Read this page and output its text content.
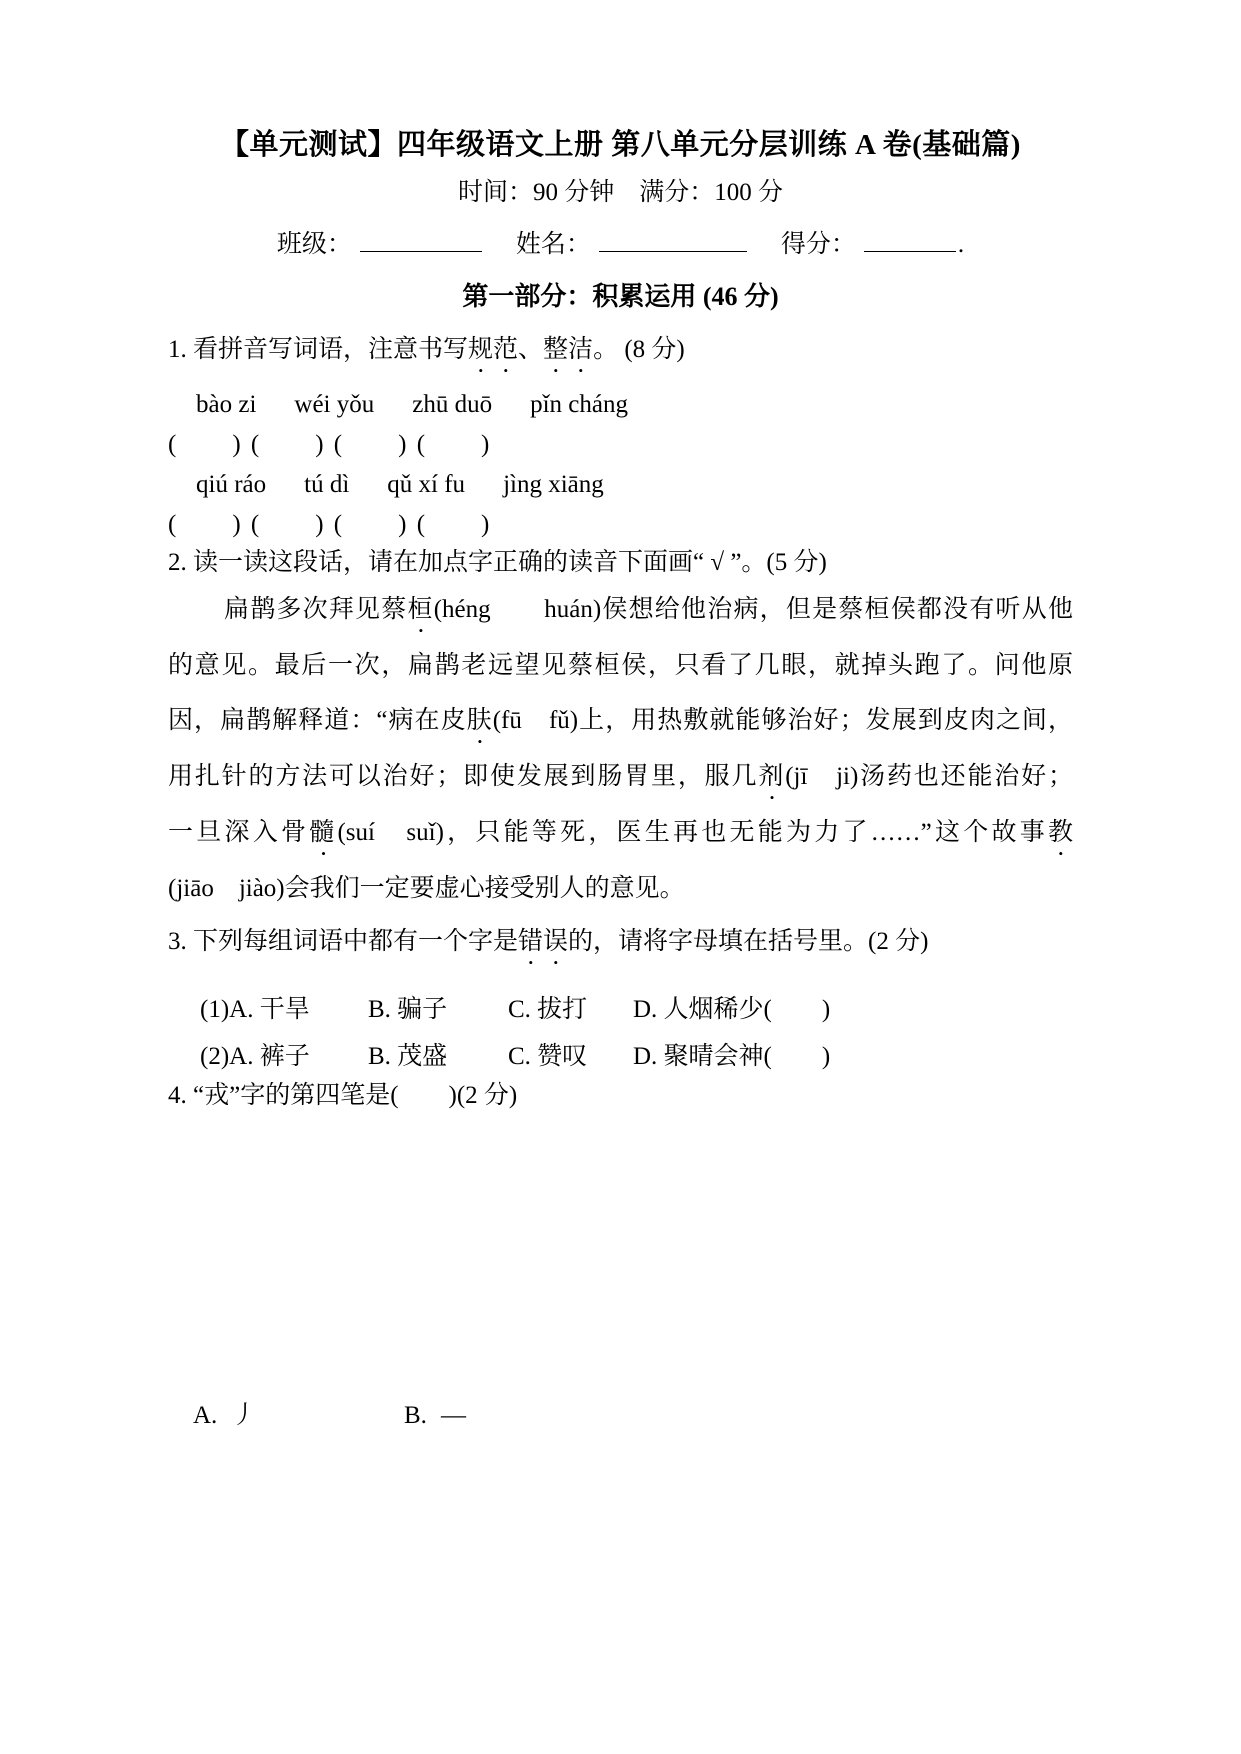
【单元测试】四年级语文上册 第八单元分层训练 A 卷(基础篇)
时间：90 分钟　满分：100 分
班级：	姓名：	得分：	.
第一部分：积累运用 (46 分)
1. 看拼音写词语，注意书写规范、整洁。 (8 分)
bào zi wéi yǒu zhū duō pǐn cháng
(　　) (　　) (　　) (　　)
qiú ráo tú dì qǔ xí fu jìng xiāng
(　　) (　　) (　　) (　　)
2. 读一读这段话，请在加点字正确的读音下面画“ √ ”。(5 分)
扁鹊多次拜见蔡桓(héng　　huán)侯想给他治病，但是蔡桓侯都没有听从他
的意见。最后一次，扁鹊老远望见蔡桓侯，只看了几眼，就掉头跑了。问他原
因，扁鹊解释道：“病在皮肤(fū　fǔ)上，用热敷就能够治好；发展到皮肉之间，
用扎针的方法可以治好；即使发展到肠胃里，服几剂(jī　ji)汤药也还能治好；
一旦深入骨髓(suí　suǐ)，只能等死，医生再也无能为力了……”这个故事教
(jiāo　jiào)会我们一定要虚心接受别人的意见。
3. 下列每组词语中都有一个字是错误的，请将字母填在括号里。(2 分)
(1)A. 干旱	B. 骗子	C. 拔打	D. 人烟稀少(　　)
(2)A. 裤子	B. 茂盛	C. 赞叹	D. 聚晴会神(　　)
4. “戎”字的第四笔是(　　)(2 分)
A. 丿	B. —
